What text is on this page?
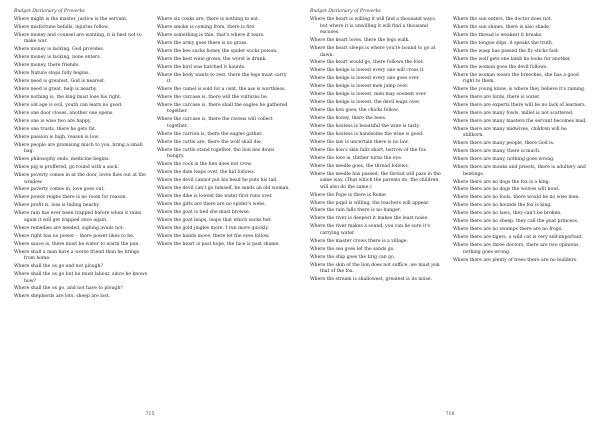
Budget Dictionary of Proverbs

Where might is the master, justice is the servant.

Where misfortune befalls, injuries follow.

Where money and counsel are wanting, it is best not to make war.

Where money is lacking, God provides.

Where money is lacking, none enters.

Where money, there friends.

Where Nature stops folly begins.

Where need is greatest, God is nearest.

Where need is great, help is nearby.

Where nothing is, the king must lose his right.

Where old age is evil, youth can learn no good.

Where one door closes, another one opens.

Where one is wise two are happy.

Where one trusts, there he gets fat.

Where passion is high, reason is low.

Where people are promising much to you, bring a small bag.

Where philosophy ends, medicine begins.

Where pig is proffered, go round with a sack.

Where poverty comes in at the door, loves flies out at the window.

Where poverty comes in, love goes out.

Where power reigns there is no room for reason.

Where profit is, loss is hiding nearby.

Where rain has ever been trapped before when it rains again it will get trapped once again.

Where remedies are needed, sighing avails not.

Where right has no power – there power likes to be.

Where sauce is, there must be water to warm the pan.

Where shall a man have a worse friend than he brings from home.

Where shall the ox go and not plough?

Where shall the ox go but he must labour, since he knows how?

Where shall the ox go, and not have to plough?

Where shepherds are lots, sheep are lost.

Where six cooks are, there is nothing to eat.

Where smoke is coming from, there is fire.

Where something is thin, that's where it tears.

Where the army goes there is no grass.

Where the bee sucks honey the spider sucks poison.

Where the best wine grows, the worst is drunk.

Where the bird was hatched it haunts.

Where the body wants to rest, there the legs must carry it.

Where the camel is sold for a cent, the ass is worthless.

Where the carcase is, there will the vultures be.

Where the carcase is, there shall the eagles be gathered together.

Where the carcase is, there the ravens will collect together.

Where the carrion is, there the eagles gather.

Where the cattle are, there the wolf shall die.

Where the cattle stand together, the lion lies down hungry.

Where the cock is the hen does not crow.

Where the dam leaps over, the kid follows.

Where the devil cannot put his head he puts his tail.

Where the devil can't go himself, he sends an old woman.

Where the dike is lowest the water first runs over.

Where the girls are there are no spider's webs.

Where the goat is tied she must browse.

Where the goat leaps, leaps that which sucks her.

Where the gold jingles more, I run more quickly.

Where the hands move, there let the eyes follow.

Where the heart is past hope, the face is past shame.

715
Budget Dictionary of Proverbs

Where the heart is willing it will find a thousand ways, but where it is unwilling it will find a thousand excuses.

Where the heart loves, there the legs walk.

Where the heart sleeps is where you're bound to go at dawn.

Where the heart would go, there follows the foot.

Where the hedge is lowest every one will cross it.

Where the hedge is lowest every one goes over.

Where the hedge is lowest men jump over.

Where the hedge is lowest, men may soonest over.

Where the hedge is lowest, the devil leaps over.

Where the hen goes, the chicks follow.

Where the honey, there the bees.

Where the hostess is beautiful the wine is tasty.

Where the hostess is handsome the wine is good.

Where the law is uncertain there is no law.

Where the lion's skin falls short, borrow of the fox.

Where the love is, thither turns the eye.

Where the needle goes, the thread follows.

Where the needle has passed, the thread will pass in the same way. (That which the parents do, the children will also do the same.)

Where the Pope is there is Rome.

Where the pupil is willing, the teachers will appear.

Where the rain falls there is no hunger.

Where the river is deepest it makes the least noise.

Where the river makes a sound, you can be sure it's carrying water.

Where the master crows there is a village.

Where the sea goes let the sands go.

Where the ship goes the brig can go.

Where the skin of the lion does not suffice, we must join that of the fox.

Where the stream is shallowest, greatest is its noise.

Where the sun enters, the doctor does not.

Where the sun shines, there is also shade.

Where the thread is weakest it breaks.

Where the tongue slips, it speaks the truth.

Where the wasp has passed the fly sticks fast.

Where the wolf gets one lamb he looks for another.

Where the woman goes the devil follows.

Where the woman wears the breeches, she has a good right to them.

Where the young know, is where they believe it's raining.

Where there are birds, there is water.

Where there are experts there will be no lack of learners.

Where there are many fowls, millet is not scattered.

Where there are many masters the servant becomes mad.

Where there are many midwives, children will be stillborn.

Where there are many people, there God is.

Where there are many, there is much.

Where there are many, nothing goes wrong.

Where there are monks and priests, there is adultery and beatings.

Where there are no dogs the fox is a king.

Where there are no dogs the wolves will howl.

Where there are no fools, there would be no wise men.

Where there are no hounds the fox is king.

Where there are no laws, they can't be broken.

Where there are no sheep, they call the goat princess.

Where there are no swamps there are no frogs.

Where there are tigers, a wild cat is very self-important.

Where there are three doctors, there are two opinions, nothing goes wrong.

Where there are plenty of trees there are no builders.

716
